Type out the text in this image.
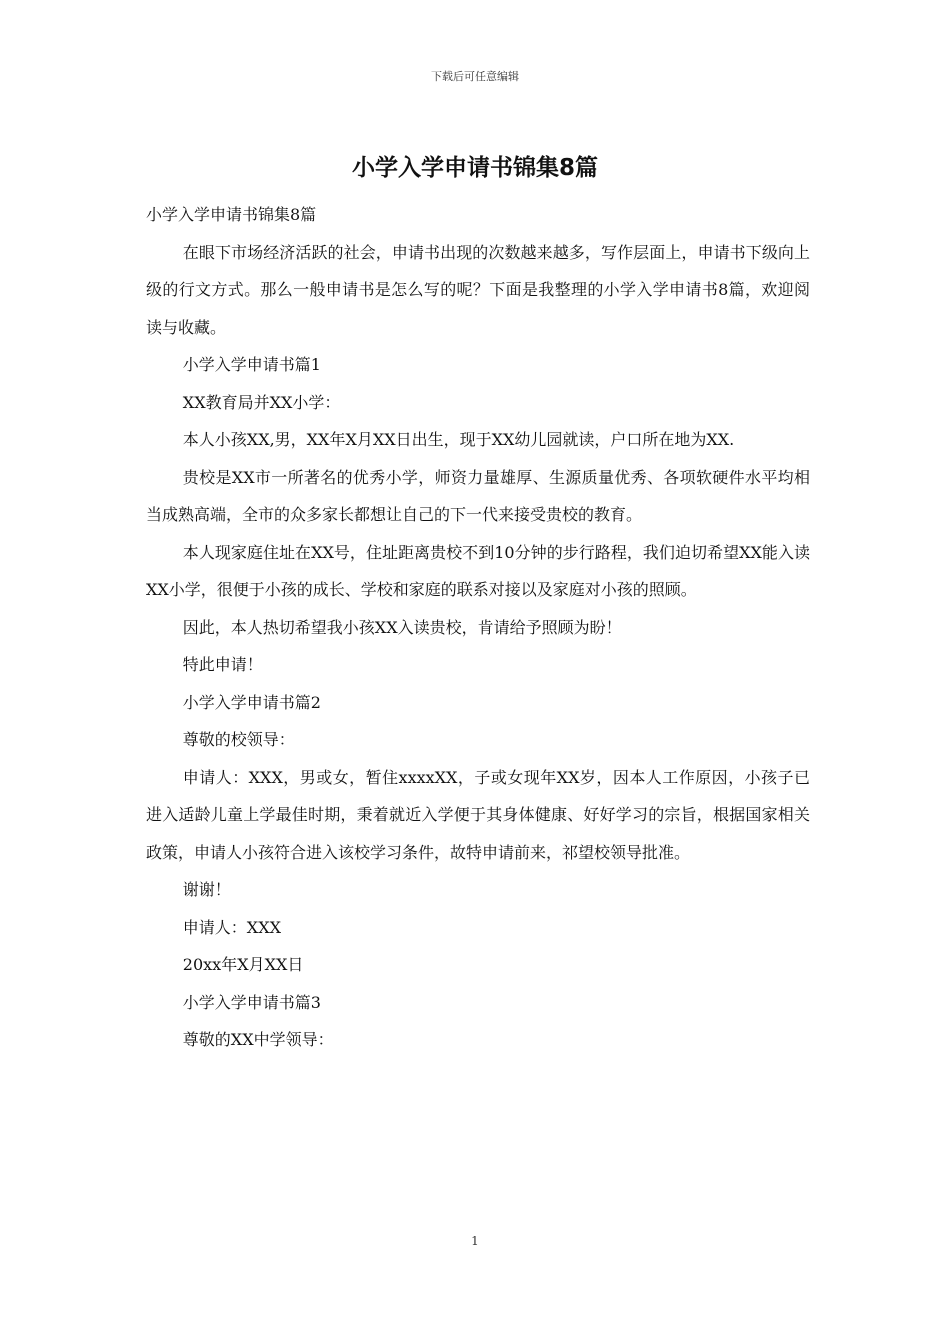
下载后可任意编辑
小学入学申请书锦集8篇

小学入学申请书锦集8篇

在眼下市场经济活跃的社会，申请书出现的次数越来越多，写作层面上，申请书下级向上级的行文方式。那么一般申请书是怎么写的呢？下面是我整理的小学入学申请书8篇，欢迎阅读与收藏。

小学入学申请书篇1

XX教育局并XX小学：

本人小孩XX,男，XX年X月XX日出生，现于XX幼儿园就读，户口所在地为XX.

贵校是XX市一所著名的优秀小学，师资力量雄厚、生源质量优秀、各项软硬件水平均相当成熟高端，全市的众多家长都想让自己的下一代来接受贵校的教育。

本人现家庭住址在XX号，住址距离贵校不到10分钟的步行路程，我们迫切希望XX能入读XX小学，很便于小孩的成长、学校和家庭的联系对接以及家庭对小孩的照顾。

因此，本人热切希望我小孩XX入读贵校，肯请给予照顾为盼！

特此申请！

小学入学申请书篇2

尊敬的校领导：

申请人：XXX，男或女，暂住xxxxXX，子或女现年XX岁，因本人工作原因，小孩子已进入适龄儿童上学最佳时期，秉着就近入学便于其身体健康、好好学习的宗旨，根据国家相关政策，申请人小孩符合进入该校学习条件，故特申请前来，祁望校领导批准。

谢谢！

申请人：XXX

20xx年X月XX日

小学入学申请书篇3

尊敬的XX中学领导：

1
